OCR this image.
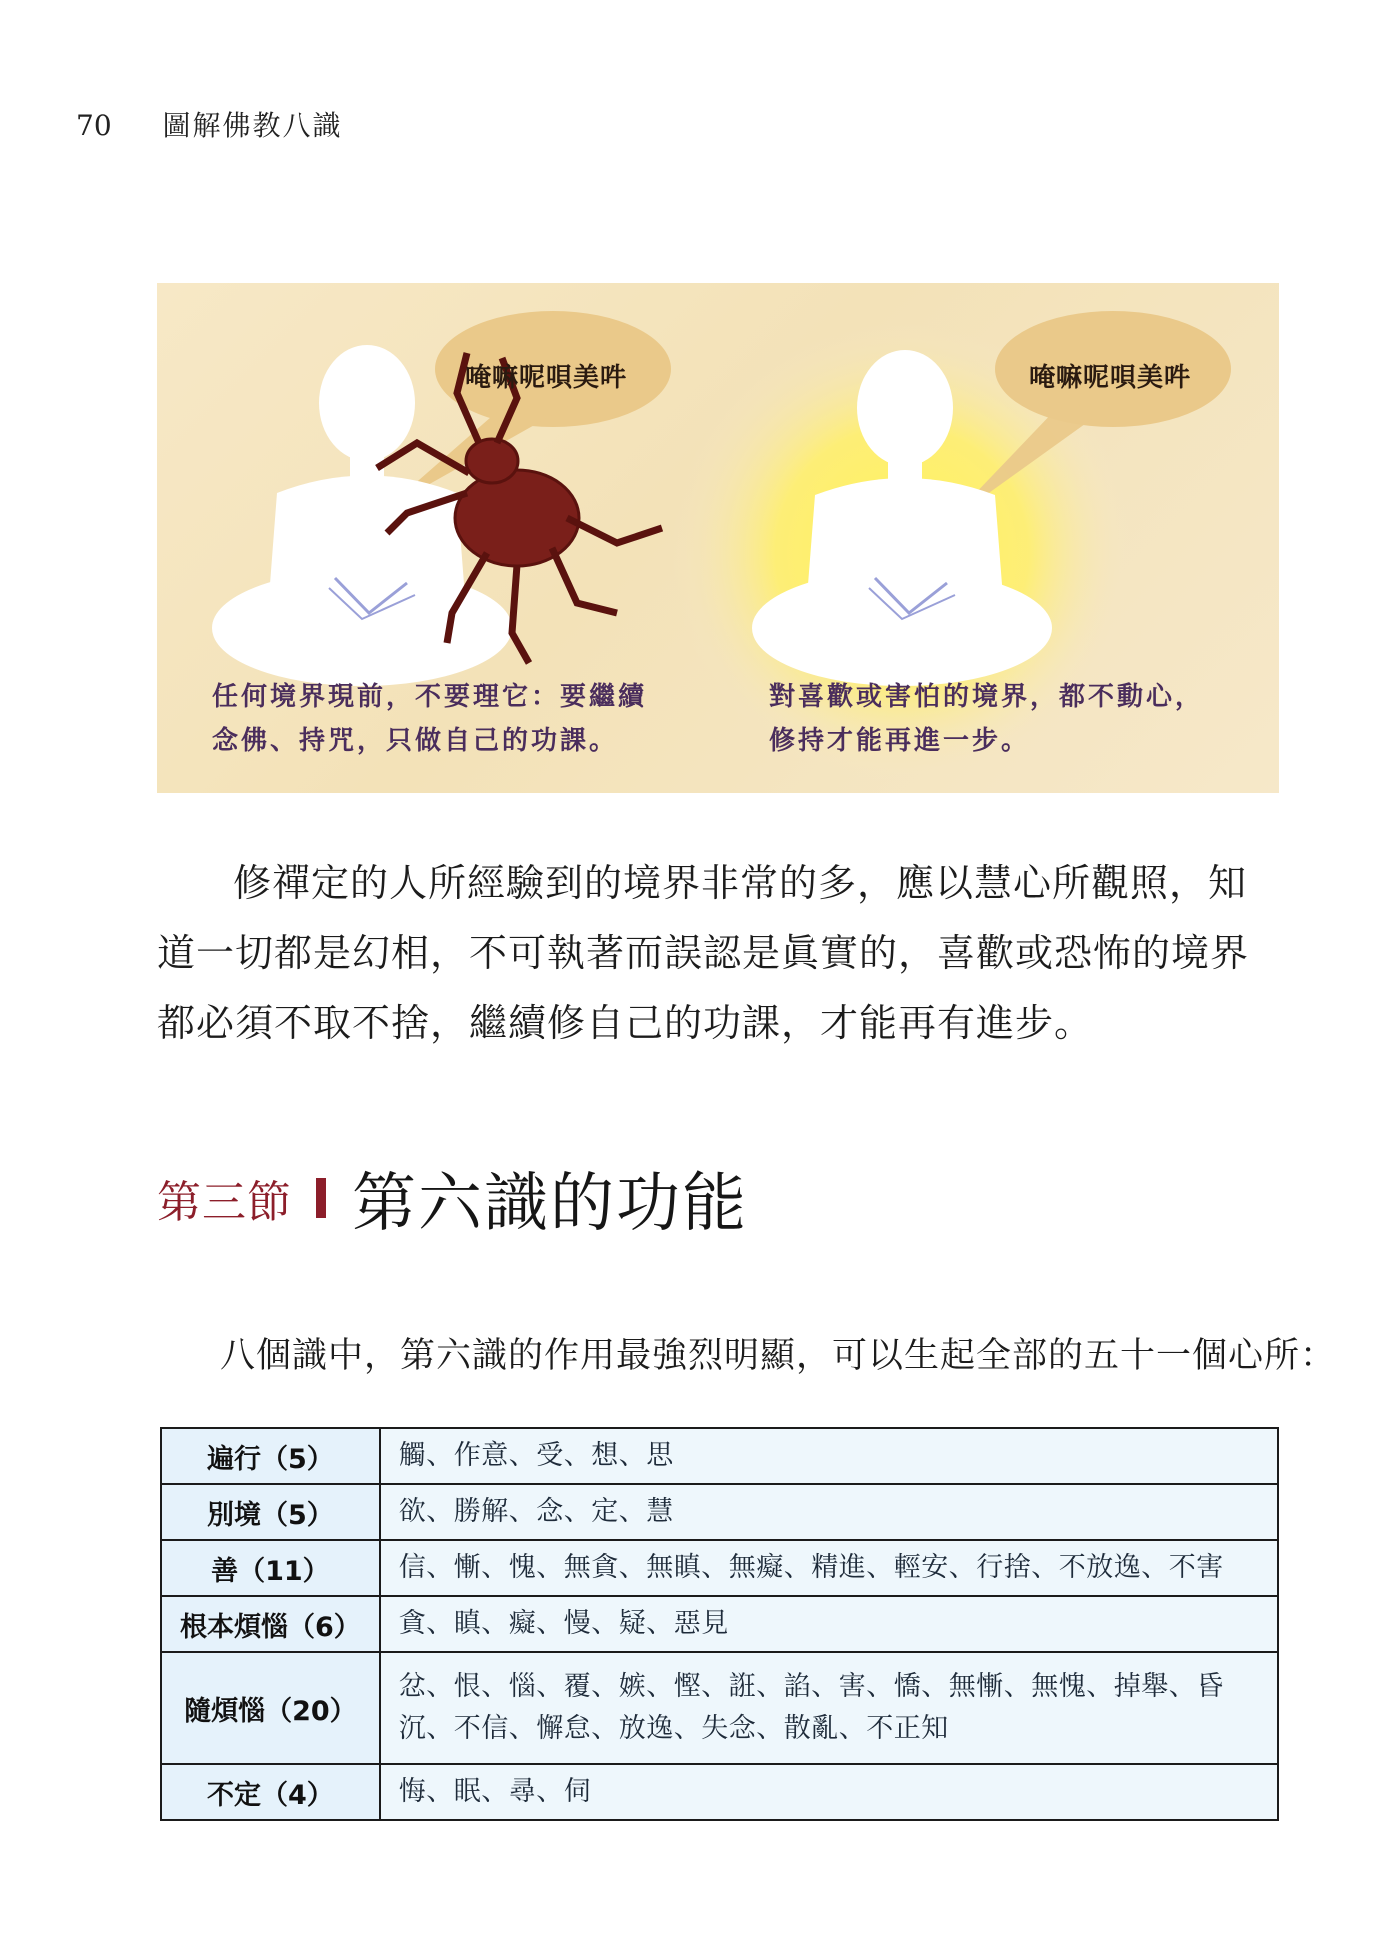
70 圖解佛教八識
唵嘛呢唄美吽	唵嘛呢唄美吽
任何境界現前，不要理它：要繼續
念佛、持咒，只做自己的功課。
對喜歡或害怕的境界，都不動心，
修持才能再進一步。

修禪定的人所經驗到的境界非常的多，應以慧心所觀照，知道一切都是幻相，不可執著而誤認是眞實的，喜歡或恐怖的境界都必須不取不捨，繼續修自己的功課，才能再有進步。

第三節 第六識的功能

八個識中，第六識的作用最強烈明顯，可以生起全部的五十一個心所：

遍行（5）	觸、作意、受、想、思
別境（5）	欲、勝解、念、定、慧
善（11）	信、慚、愧、無貪、無瞋、無癡、精進、輕安、行捨、不放逸、不害
根本煩惱（6）	貪、瞋、癡、慢、疑、惡見
隨煩惱（20）	忿、恨、惱、覆、嫉、慳、誑、諂、害、憍、無慚、無愧、掉舉、昏沉、不信、懈怠、放逸、失念、散亂、不正知
不定（4）	悔、眠、尋、伺
